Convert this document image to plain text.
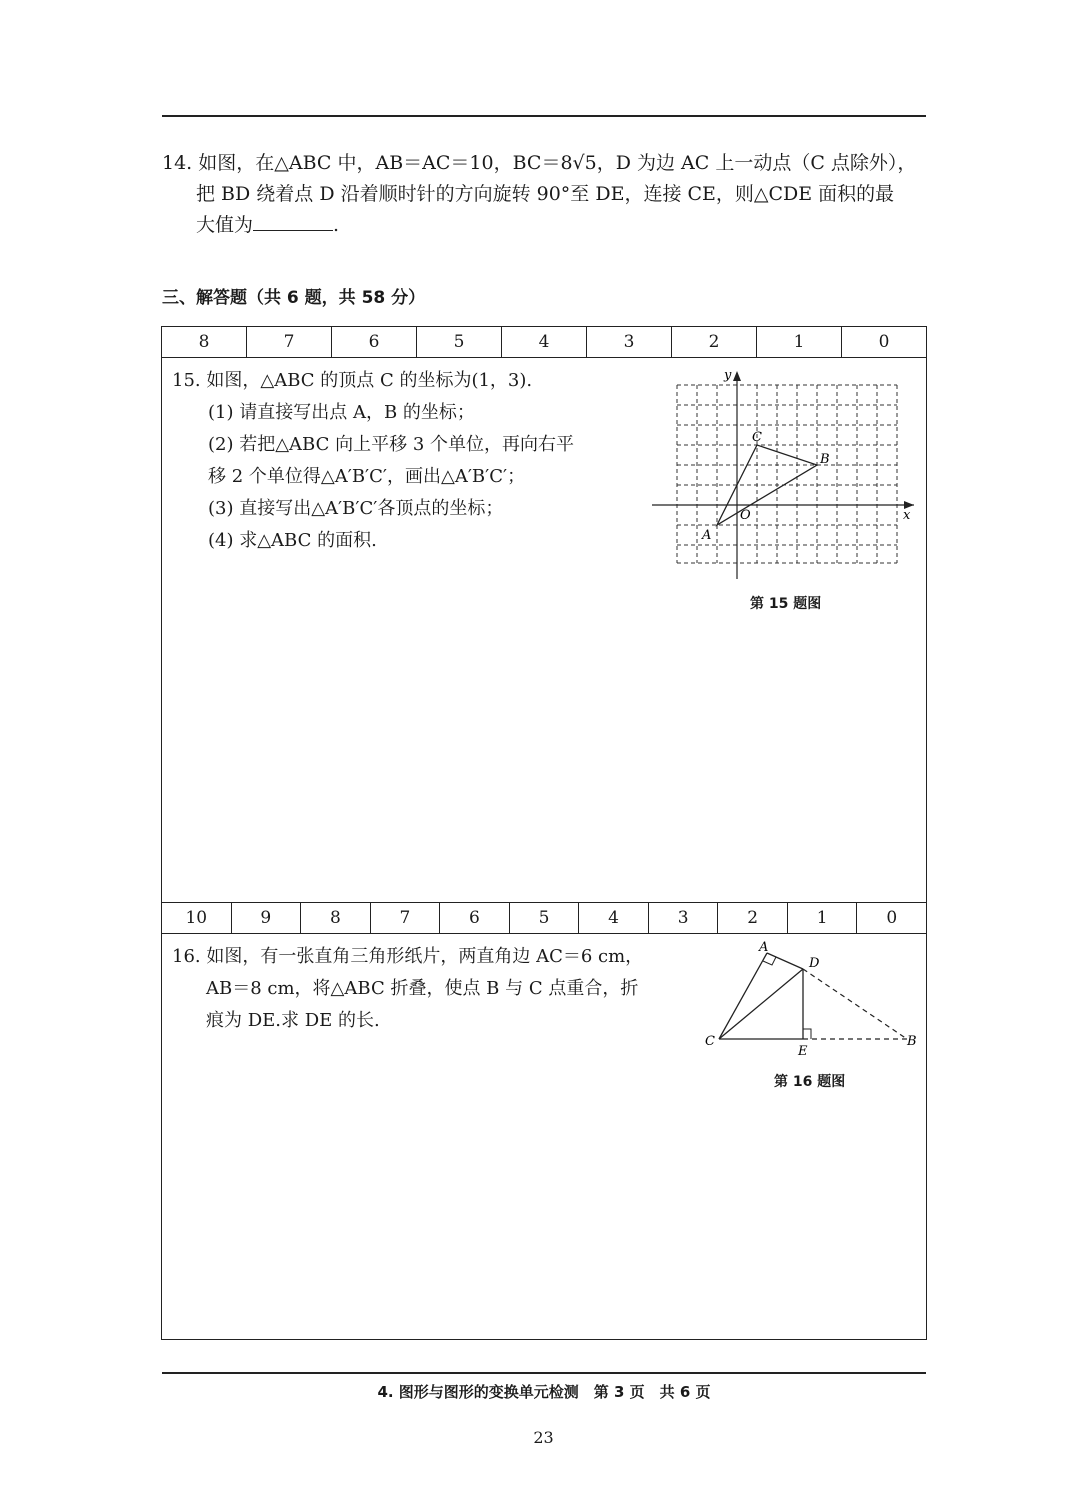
14. 如图，在△ABC 中，AB＝AC＝10，BC＝8√5，D 为边 AC 上一动点（C 点除外），
把 BD 绕着点 D 沿着顺时针的方向旋转 90°至 DE，连接 CE，则△CDE 面积的最
大值为	.
三、解答题（共 6 题，共 58 分）
8	7	6	5	4	3	2	1	0
15. 如图，△ABC 的顶点 C 的坐标为(1，3).
(1) 请直接写出点 A，B 的坐标；
(2) 若把△ABC 向上平移 3 个单位，再向右平
移 2 个单位得△A′B′C′，画出△A′B′C′；
(3) 直接写出△A′B′C′各顶点的坐标；
(4) 求△ABC 的面积.
x
y
O
A
B
C
第 15 题图
10	9	8	7	6	5	4	3	2	1	0
16. 如图，有一张直角三角形纸片，两直角边 AC＝6 cm，
AB＝8 cm，将△ABC 折叠，使点 B 与 C 点重合，折
痕为 DE.求 DE 的长.
A
B
C
D
E
第 16 题图
4. 图形与图形的变换单元检测　第 3 页　共 6 页
23
